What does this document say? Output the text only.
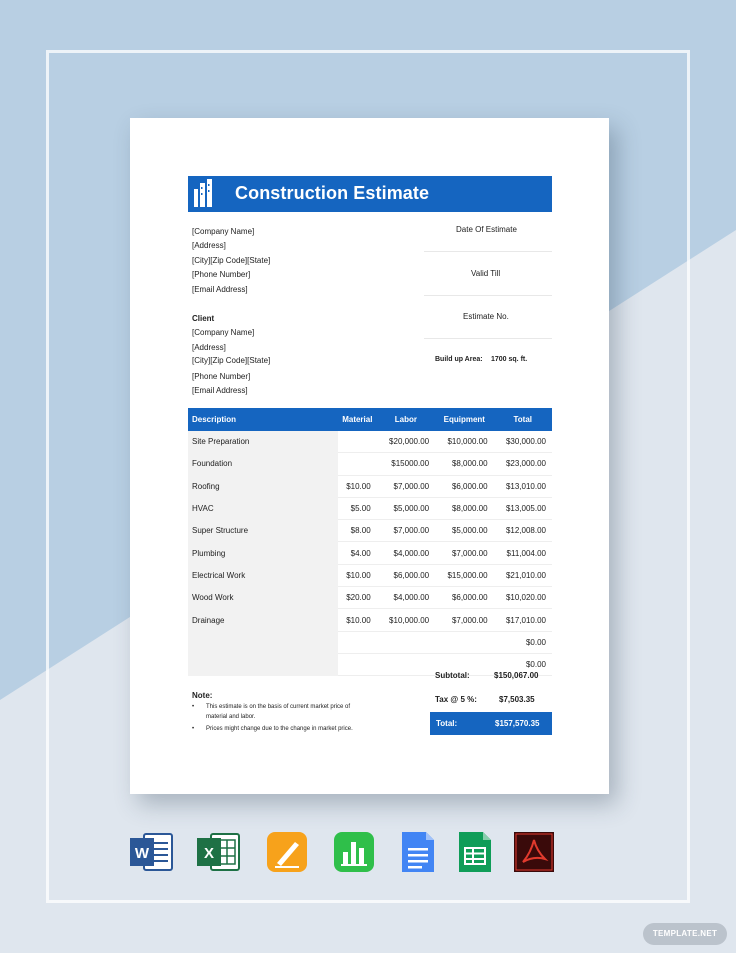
Construction Estimate
[Company Name]
[Address]
[City][Zip Code][State]
[Phone Number]
[Email Address]
Client
[Company Name]
[Address]
[City][Zip Code][State]
[Phone Number]
[Email Address]
Date Of Estimate
Valid Till
Estimate No.
Build up Area: 1700 sq. ft.
Description	Material	Labor	Equipment	Total
Site Preparation		$20,000.00	$10,000.00	$30,000.00
Foundation		$15000.00	$8,000.00	$23,000.00
Roofing	$10.00	$7,000.00	$6,000.00	$13,010.00
HVAC	$5.00	$5,000.00	$8,000.00	$13,005.00
Super Structure	$8.00	$7,000.00	$5,000.00	$12,008.00
Plumbing	$4.00	$4,000.00	$7,000.00	$11,004.00
Electrical Work	$10.00	$6,000.00	$15,000.00	$21,010.00
Wood Work	$20.00	$4,000.00	$6,000.00	$10,020.00
Drainage	$10.00	$10,000.00	$7,000.00	$17,010.00
				$0.00
				$0.00
Subtotal:	$150,067.00
Tax @ 5 %:	$7,503.35
Total:	$157,570.35
Note:
• This estimate is on the basis of current market price of
material and labor.
• Prices might change due to the change in market price.
W	X
TEMPLATE.NET
